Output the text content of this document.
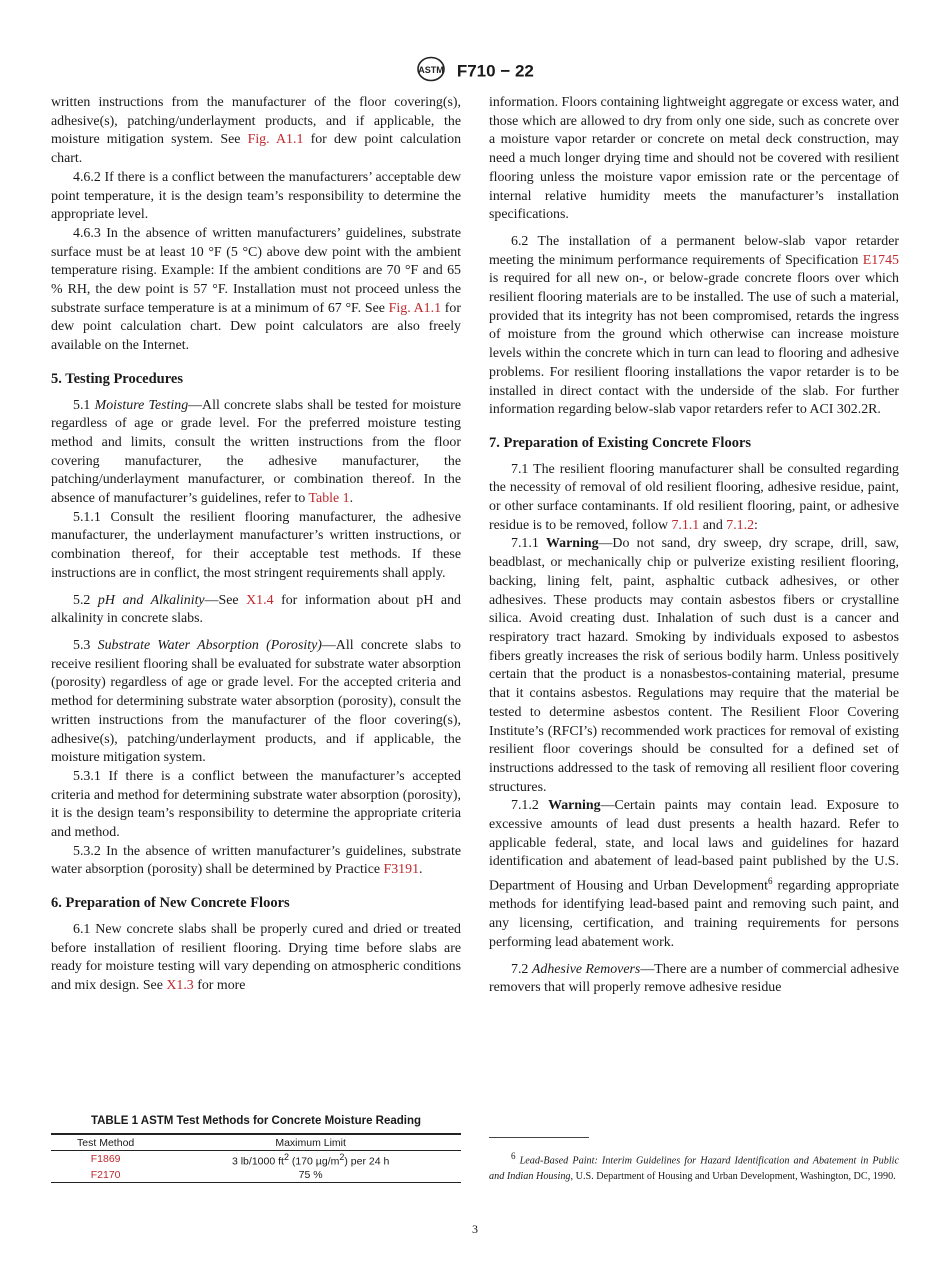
ASTM F710 − 22

written instructions from the manufacturer of the floor covering(s), adhesive(s), patching/underlayment products, and if applicable, the moisture mitigation system. See Fig. A1.1 for dew point calculation chart.

4.6.2 If there is a conflict between the manufacturers’ acceptable dew point temperature, it is the design team’s responsibility to determine the appropriate level.

4.6.3 In the absence of written manufacturers’ guidelines, substrate surface must be at least 10 °F (5 °C) above dew point with the ambient temperature rising. Example: If the ambient conditions are 70 °F and 65 % RH, the dew point is 57 °F. Installation must not proceed unless the substrate surface temperature is at a minimum of 67 °F. See Fig. A1.1 for dew point calculation chart. Dew point calculators are also freely available on the Internet.

5. Testing Procedures

5.1 Moisture Testing—All concrete slabs shall be tested for moisture regardless of age or grade level. For the preferred moisture testing method and limits, consult the written instructions from the floor covering manufacturer, the adhesive manufacturer, the patching/underlayment manufacturer, or combination thereof. In the absence of manufacturer’s guidelines, refer to Table 1.

5.1.1 Consult the resilient flooring manufacturer, the adhesive manufacturer, the underlayment manufacturer’s written instructions, or combination thereof, for their acceptable test methods. If these instructions are in conflict, the most stringent requirements shall apply.

5.2 pH and Alkalinity—See X1.4 for information about pH and alkalinity in concrete slabs.

5.3 Substrate Water Absorption (Porosity)—All concrete slabs to receive resilient flooring shall be evaluated for substrate water absorption (porosity) regardless of age or grade level. For the accepted criteria and method for determining substrate water absorption (porosity), consult the written instructions from the manufacturer of the floor covering(s), adhesive(s), patching/underlayment products, and if applicable, the moisture mitigation system.

5.3.1 If there is a conflict between the manufacturer’s accepted criteria and method for determining substrate water absorption (porosity), it is the design team’s responsibility to determine the appropriate criteria and method.

5.3.2 In the absence of written manufacturer’s guidelines, substrate water absorption (porosity) shall be determined by Practice F3191.

6. Preparation of New Concrete Floors

6.1 New concrete slabs shall be properly cured and dried or treated before installation of resilient flooring. Drying time before slabs are ready for moisture testing will vary depending on atmospheric conditions and mix design. See X1.3 for more

TABLE 1 ASTM Test Methods for Concrete Moisture Reading
Test Method	Maximum Limit
F1869	3 lb/1000 $ft^2$ (170 $\mu g/m^2$) per 24 h
F2170	75 %

information. Floors containing lightweight aggregate or excess water, and those which are allowed to dry from only one side, such as concrete over a moisture vapor retarder or concrete on metal deck construction, may need a much longer drying time and should not be covered with resilient flooring unless the moisture vapor emission rate or the percentage of internal relative humidity meets the manufacturer’s installation specifications.

6.2 The installation of a permanent below-slab vapor retarder meeting the minimum performance requirements of Specification E1745 is required for all new on-, or below-grade concrete floors over which resilient flooring materials are to be installed. The use of such a material, provided that its integrity has not been compromised, retards the ingress of moisture from the ground which otherwise can increase moisture levels within the concrete which in turn can lead to flooring and adhesive problems. For resilient flooring installations the vapor retarder is to be installed in direct contact with the underside of the slab. For further information regarding below-slab vapor retarders refer to ACI 302.2R.

7. Preparation of Existing Concrete Floors

7.1 The resilient flooring manufacturer shall be consulted regarding the necessity of removal of old resilient flooring, adhesive residue, paint, or other surface contaminants. If old resilient flooring, paint, or adhesive residue is to be removed, follow 7.1.1 and 7.1.2:

7.1.1 Warning—Do not sand, dry sweep, dry scrape, drill, saw, beadblast, or mechanically chip or pulverize existing resilient flooring, backing, lining felt, paint, asphaltic cutback adhesives, or other adhesives. These products may contain asbestos fibers or crystalline silica. Avoid creating dust. Inhalation of such dust is a cancer and respiratory tract hazard. Smoking by individuals exposed to asbestos fibers greatly increases the risk of serious bodily harm. Unless positively certain that the product is a nonasbestos-containing material, presume that it contains asbestos. Regulations may require that the material be tested to determine asbestos content. The Resilient Floor Covering Institute’s (RFCI’s) recommended work practices for removal of existing resilient floor coverings should be consulted for a defined set of instructions addressed to the task of removing all resilient floor covering structures.

7.1.2 Warning—Certain paints may contain lead. Exposure to excessive amounts of lead dust presents a health hazard. Refer to applicable federal, state, and local laws and guidelines for hazard identification and abatement of lead-based paint published by the U.S. Department of Housing and Urban Development$^6$ regarding appropriate methods for identifying lead-based paint and removing such paint, and any licensing, certification, and training requirements for persons performing lead abatement work.

7.2 Adhesive Removers—There are a number of commercial adhesive removers that will properly remove adhesive residue

$^6$ Lead-Based Paint: Interim Guidelines for Hazard Identification and Abatement in Public and Indian Housing, U.S. Department of Housing and Urban Development, Washington, DC, 1990.

3
